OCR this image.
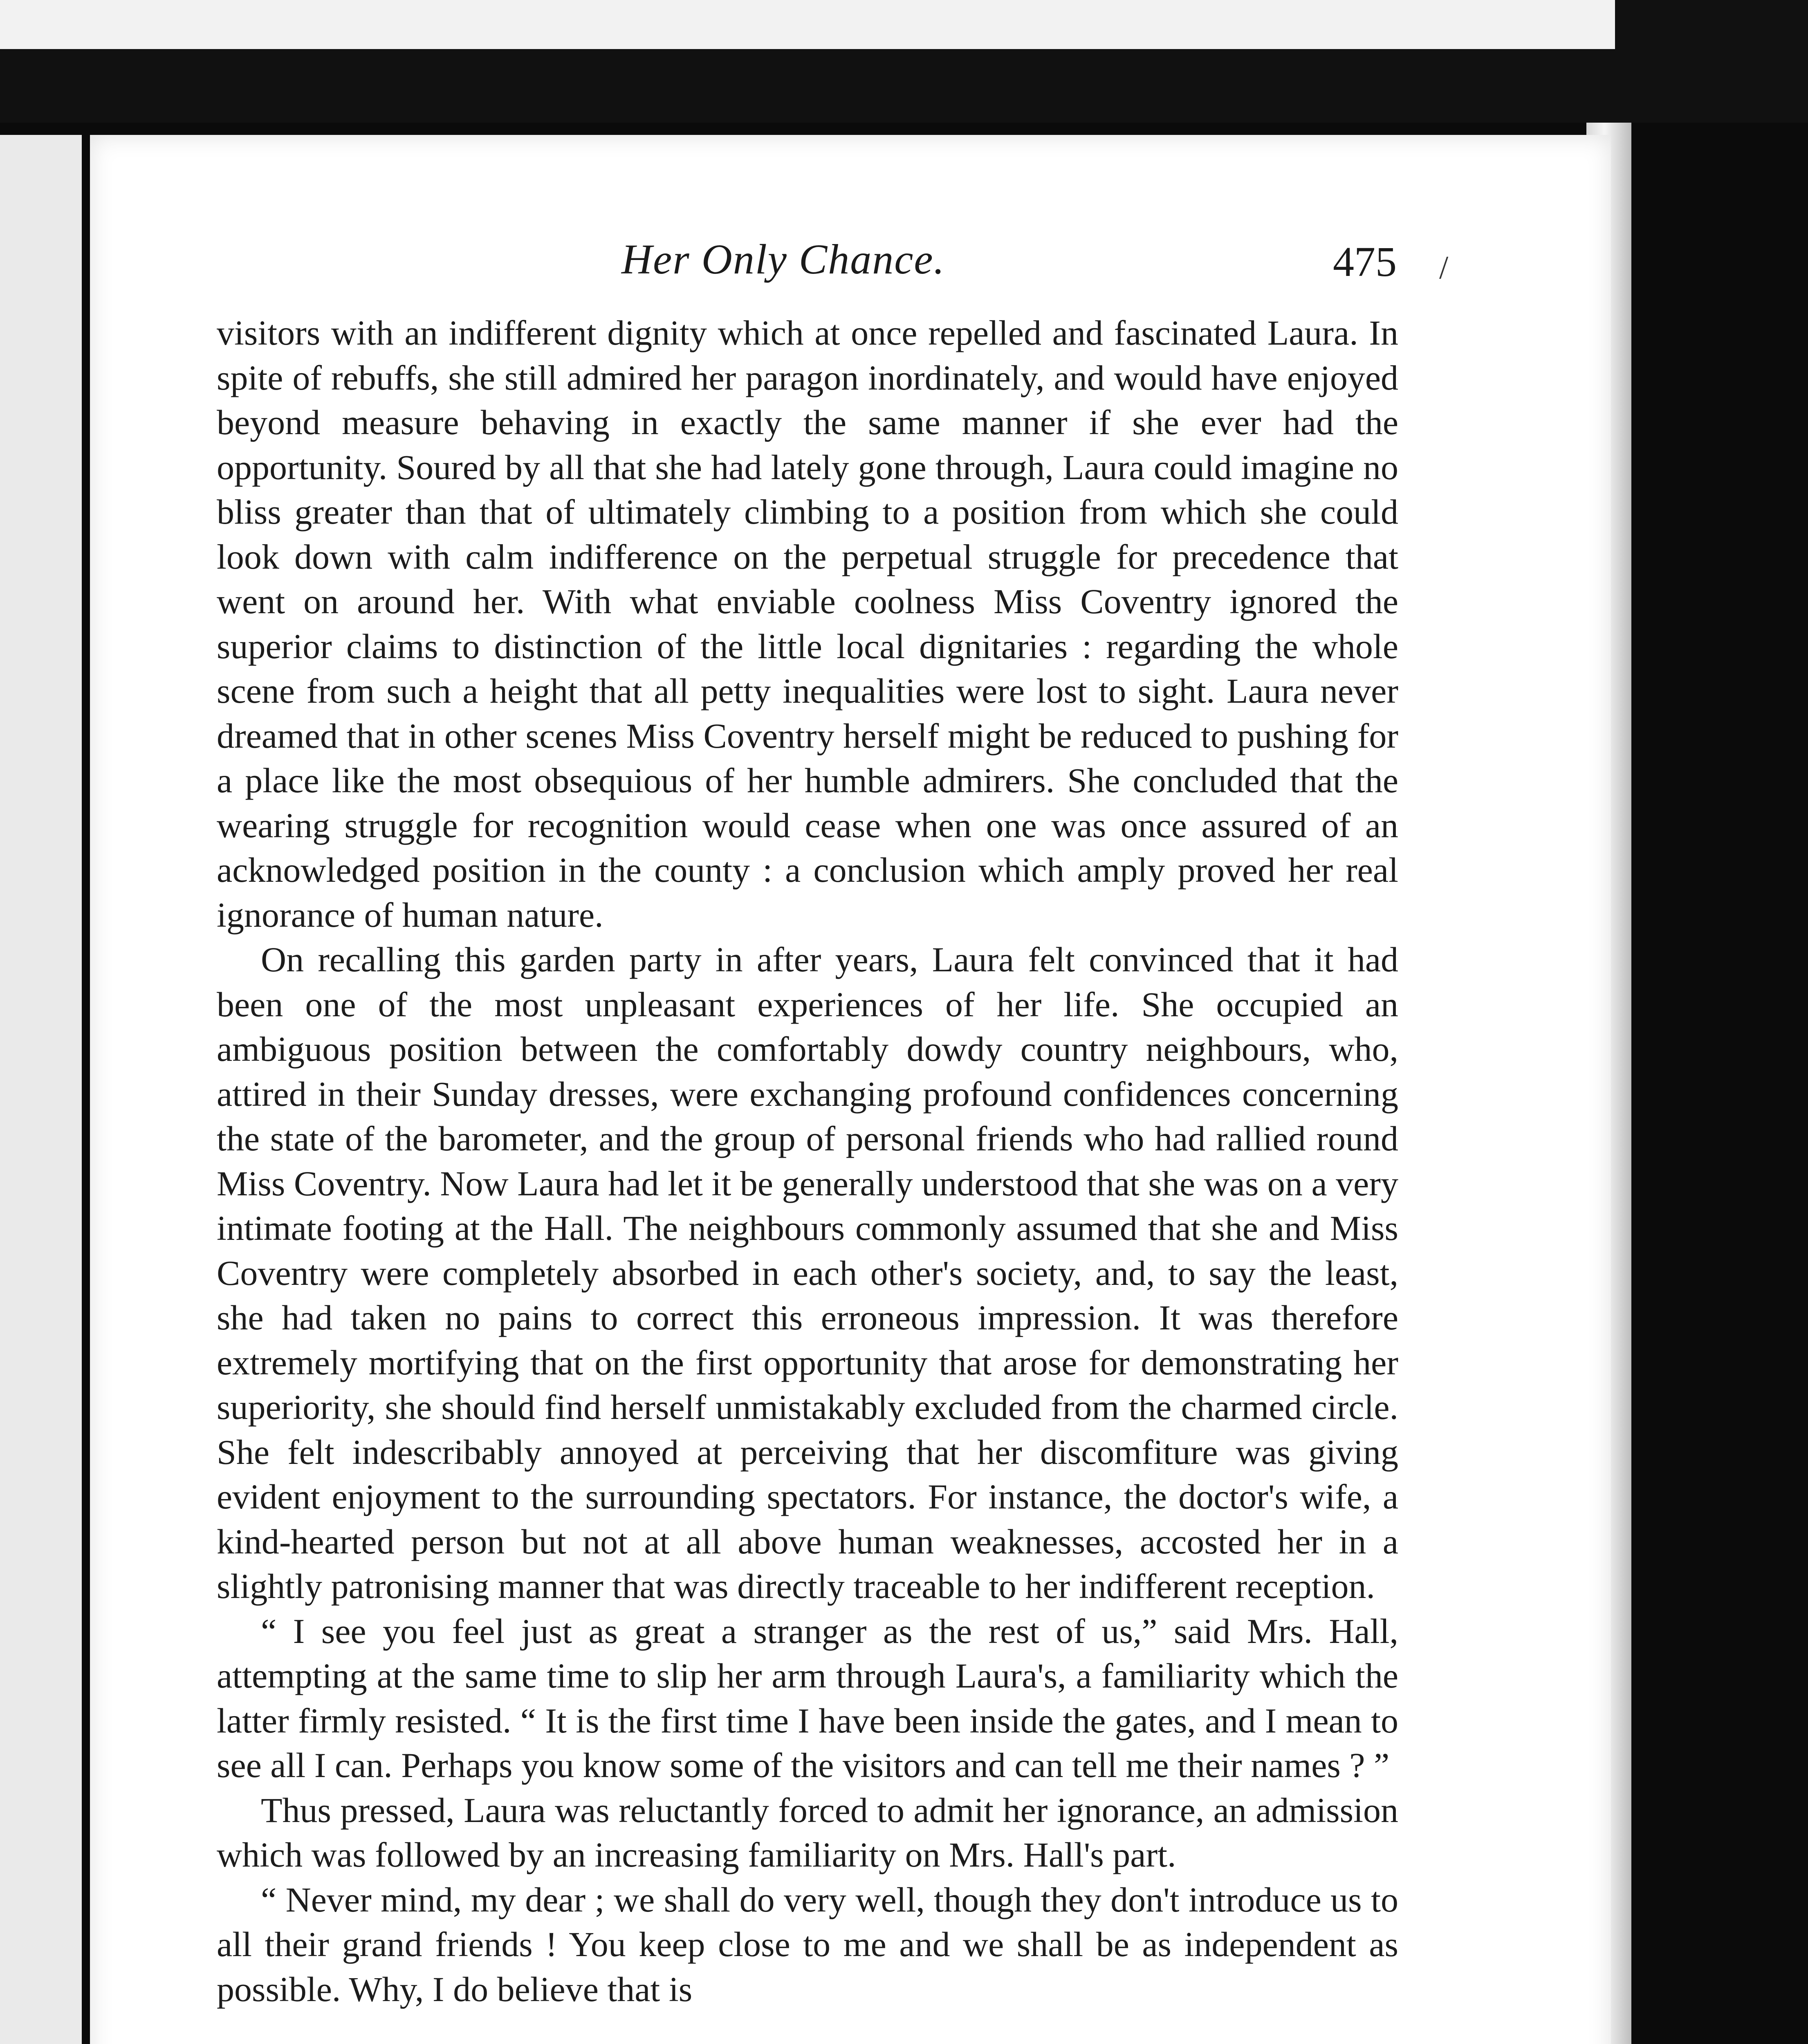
Her Only Chance.	475 /

visitors with an indifferent dignity which at once repelled and fascinated Laura. In spite of rebuffs, she still admired her paragon inordinately, and would have enjoyed beyond measure behaving in exactly the same manner if she ever had the opportunity. Soured by all that she had lately gone through, Laura could imagine no bliss greater than that of ultimately climbing to a position from which she could look down with calm indifference on the perpetual struggle for precedence that went on around her. With what enviable coolness Miss Coventry ignored the superior claims to distinction of the little local dignitaries : regarding the whole scene from such a height that all petty inequalities were lost to sight. Laura never dreamed that in other scenes Miss Coventry herself might be reduced to pushing for a place like the most obsequious of her humble admirers. She concluded that the wearing struggle for recognition would cease when one was once assured of an acknowledged position in the county : a conclusion which amply proved her real ignorance of human nature.

On recalling this garden party in after years, Laura felt convinced that it had been one of the most unpleasant experiences of her life. She occupied an ambiguous position between the comfortably dowdy country neighbours, who, attired in their Sunday dresses, were exchanging profound confidences concerning the state of the barometer, and the group of personal friends who had rallied round Miss Coventry. Now Laura had let it be generally understood that she was on a very intimate footing at the Hall. The neighbours commonly assumed that she and Miss Coventry were completely absorbed in each other's society, and, to say the least, she had taken no pains to correct this erroneous impression. It was therefore extremely mortifying that on the first opportunity that arose for demonstrating her superiority, she should find herself unmistakably excluded from the charmed circle. She felt indescribably annoyed at perceiving that her discomfiture was giving evident enjoyment to the surrounding spectators. For instance, the doctor's wife, a kind-hearted person but not at all above human weaknesses, accosted her in a slightly patronising manner that was directly traceable to her indifferent reception.

“ I see you feel just as great a stranger as the rest of us,” said Mrs. Hall, attempting at the same time to slip her arm through Laura's, a familiarity which the latter firmly resisted. “ It is the first time I have been inside the gates, and I mean to see all I can. Perhaps you know some of the visitors and can tell me their names ? ”

Thus pressed, Laura was reluctantly forced to admit her ignorance, an admission which was followed by an increasing familiarity on Mrs. Hall's part.

“ Never mind, my dear ; we shall do very well, though they don't introduce us to all their grand friends ! You keep close to me and we shall be as independent as possible. Why, I do believe that is
